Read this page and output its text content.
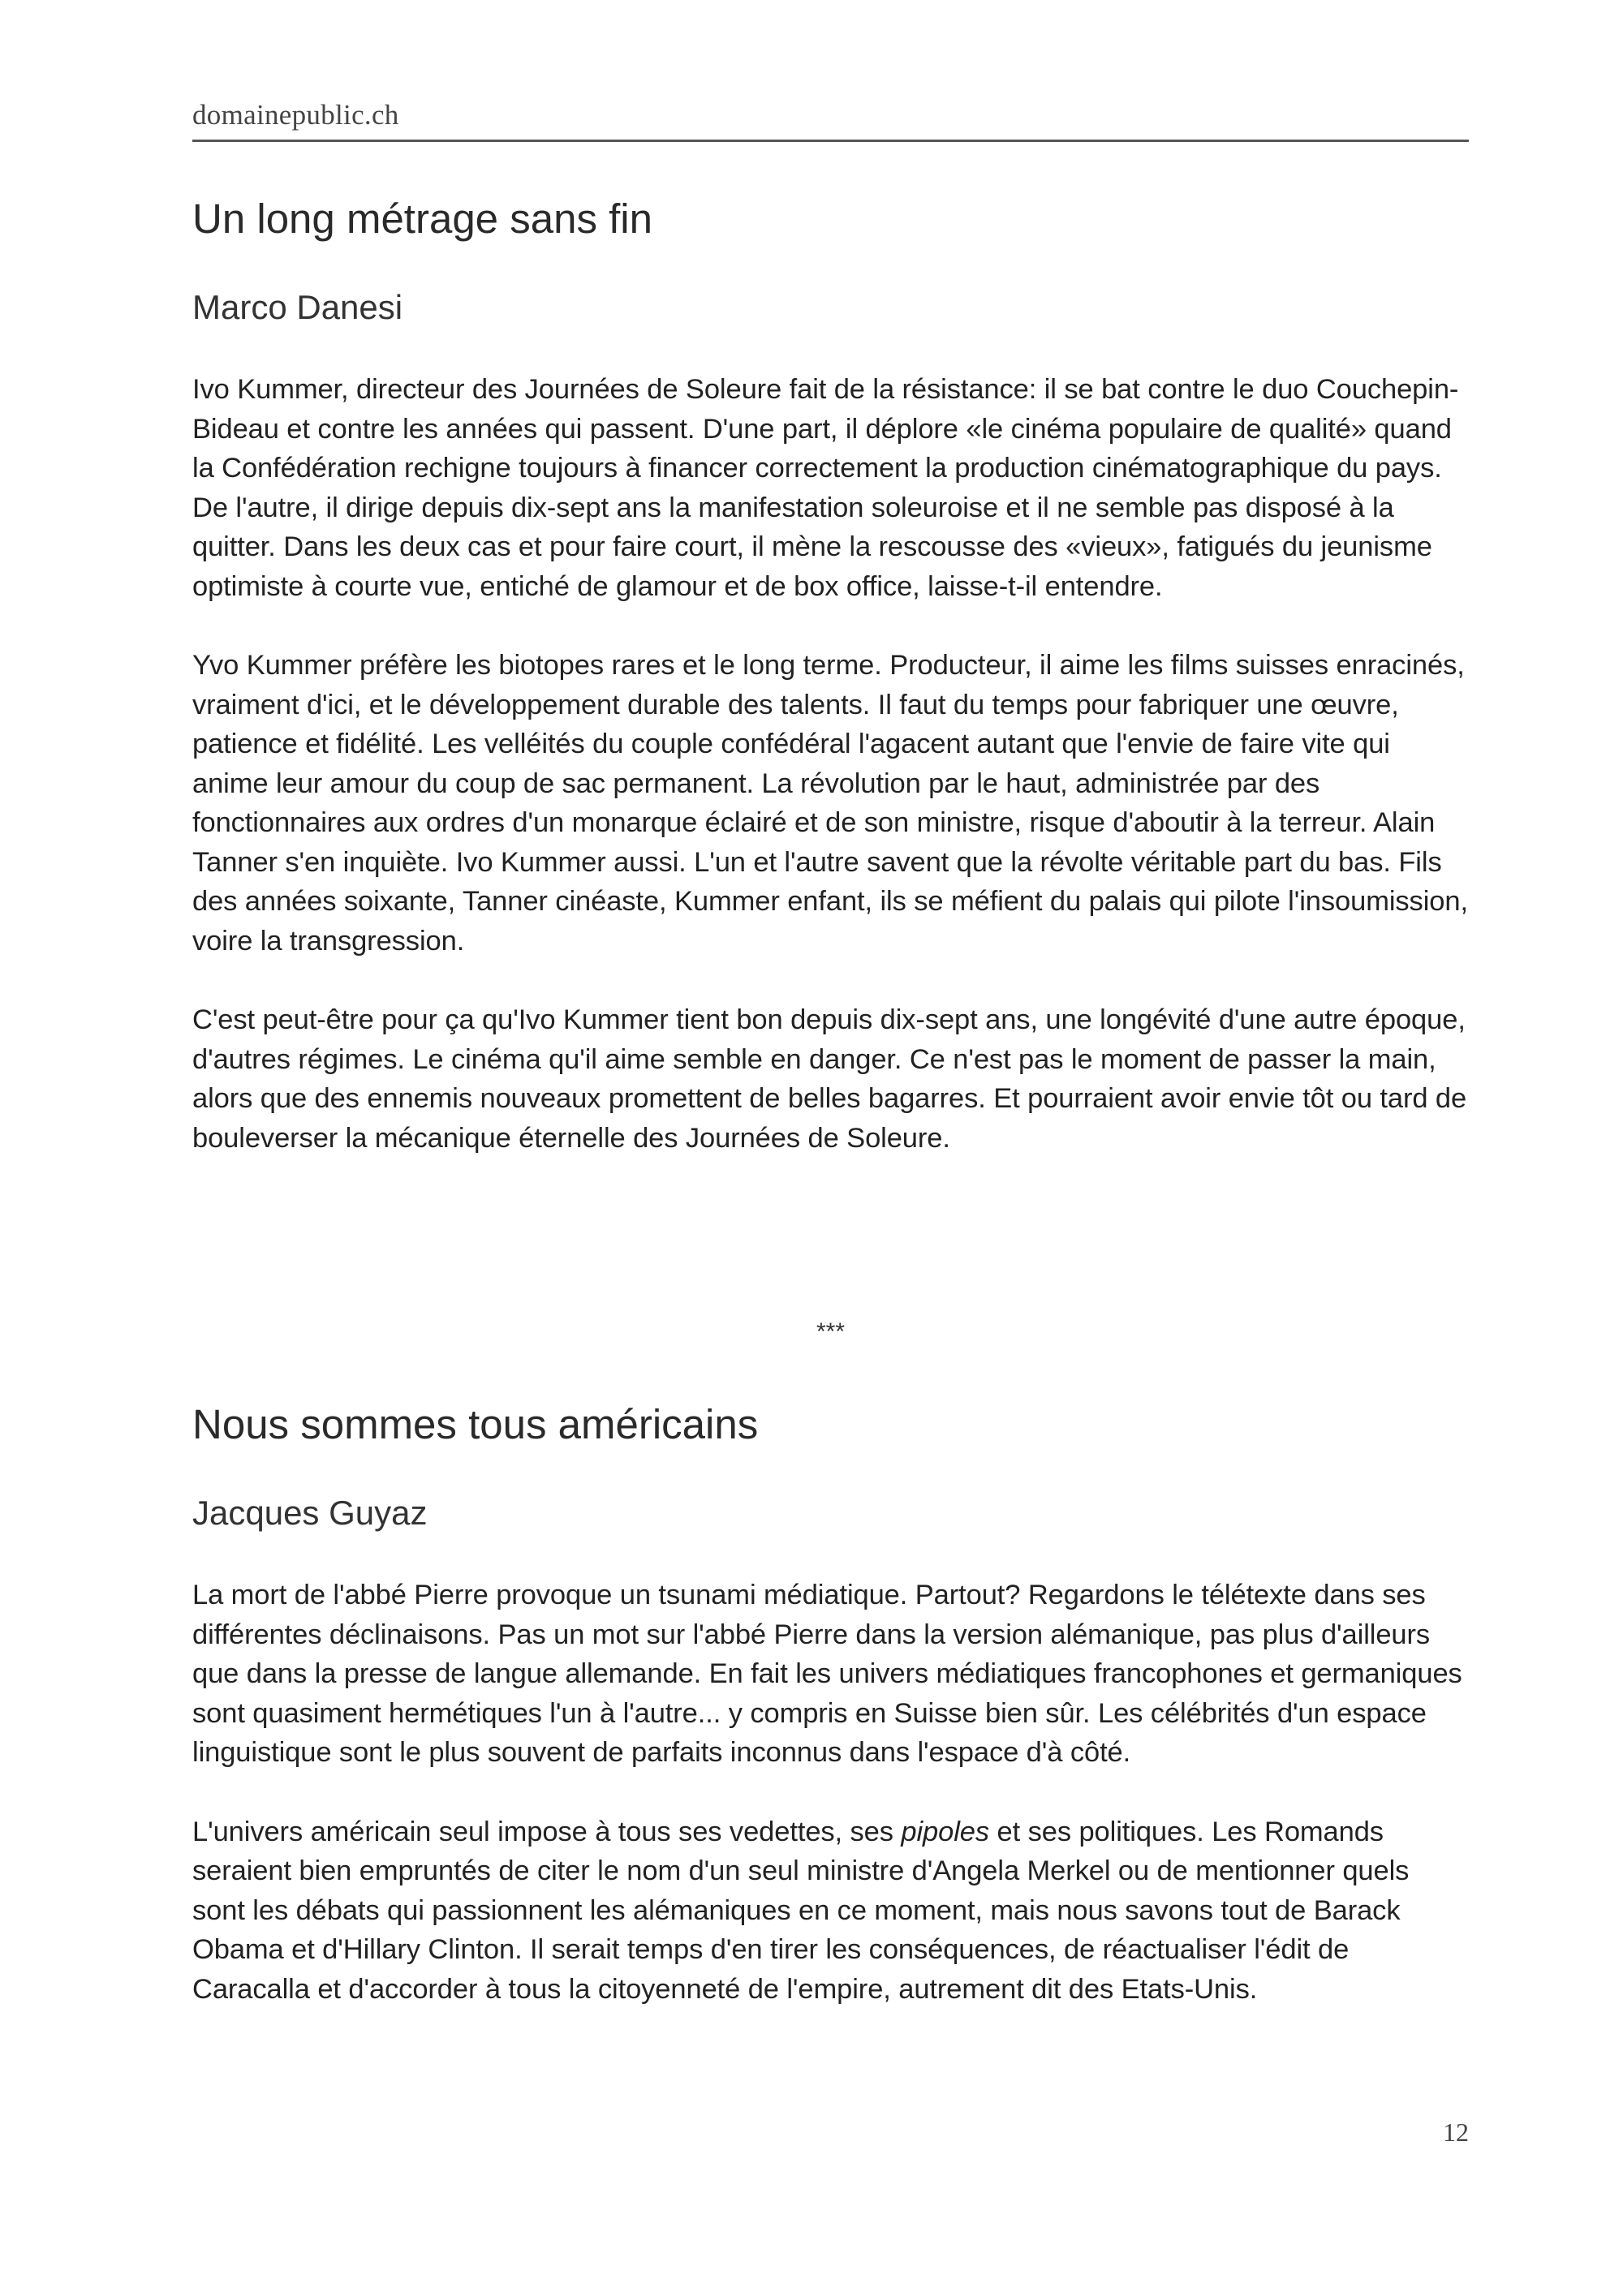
domainepublic.ch
Un long métrage sans fin
Marco Danesi

Ivo Kummer, directeur des Journées de Soleure fait de la résistance: il se bat contre le duo Couchepin-Bideau et contre les années qui passent. D'une part, il déplore «le cinéma populaire de qualité» quand la Confédération rechigne toujours à financer correctement la production cinématographique du pays. De l'autre, il dirige depuis dix-sept ans la manifestation soleuroise et il ne semble pas disposé à la quitter. Dans les deux cas et pour faire court, il mène la rescousse des «vieux», fatigués du jeunisme optimiste à courte vue, entiché de glamour et de box office, laisse-t-il entendre.

Yvo Kummer préfère les biotopes rares et le long terme. Producteur, il aime les films suisses enracinés, vraiment d'ici, et le développement durable des talents. Il faut du temps pour fabriquer une œuvre, patience et fidélité. Les velléités du couple confédéral l'agacent autant que l'envie de faire vite qui anime leur amour du coup de sac permanent. La révolution par le haut, administrée par des fonctionnaires aux ordres d'un monarque éclairé et de son ministre, risque d'aboutir à la terreur. Alain Tanner s'en inquiète. Ivo Kummer aussi. L'un et l'autre savent que la révolte véritable part du bas. Fils des années soixante, Tanner cinéaste, Kummer enfant, ils se méfient du palais qui pilote l'insoumission, voire la transgression.

C'est peut-être pour ça qu'Ivo Kummer tient bon depuis dix-sept ans, une longévité d'une autre époque, d'autres régimes. Le cinéma qu'il aime semble en danger. Ce n'est pas le moment de passer la main, alors que des ennemis nouveaux promettent de belles bagarres. Et pourraient avoir envie tôt ou tard de bouleverser la mécanique éternelle des Journées de Soleure.

***
Nous sommes tous américains
Jacques Guyaz

La mort de l'abbé Pierre provoque un tsunami médiatique. Partout? Regardons le télétexte dans ses différentes déclinaisons. Pas un mot sur l'abbé Pierre dans la version alémanique, pas plus d'ailleurs que dans la presse de langue allemande. En fait les univers médiatiques francophones et germaniques sont quasiment hermétiques l'un à l'autre... y compris en Suisse bien sûr. Les célébrités d'un espace linguistique sont le plus souvent de parfaits inconnus dans l'espace d'à côté.

L'univers américain seul impose à tous ses vedettes, ses pipoles et ses politiques. Les Romands seraient bien empruntés de citer le nom d'un seul ministre d'Angela Merkel ou de mentionner quels sont les débats qui passionnent les alémaniques en ce moment, mais nous savons tout de Barack Obama et d'Hillary Clinton. Il serait temps d'en tirer les conséquences, de réactualiser l'édit de Caracalla et d'accorder à tous la citoyenneté de l'empire, autrement dit des Etats-Unis.

12
